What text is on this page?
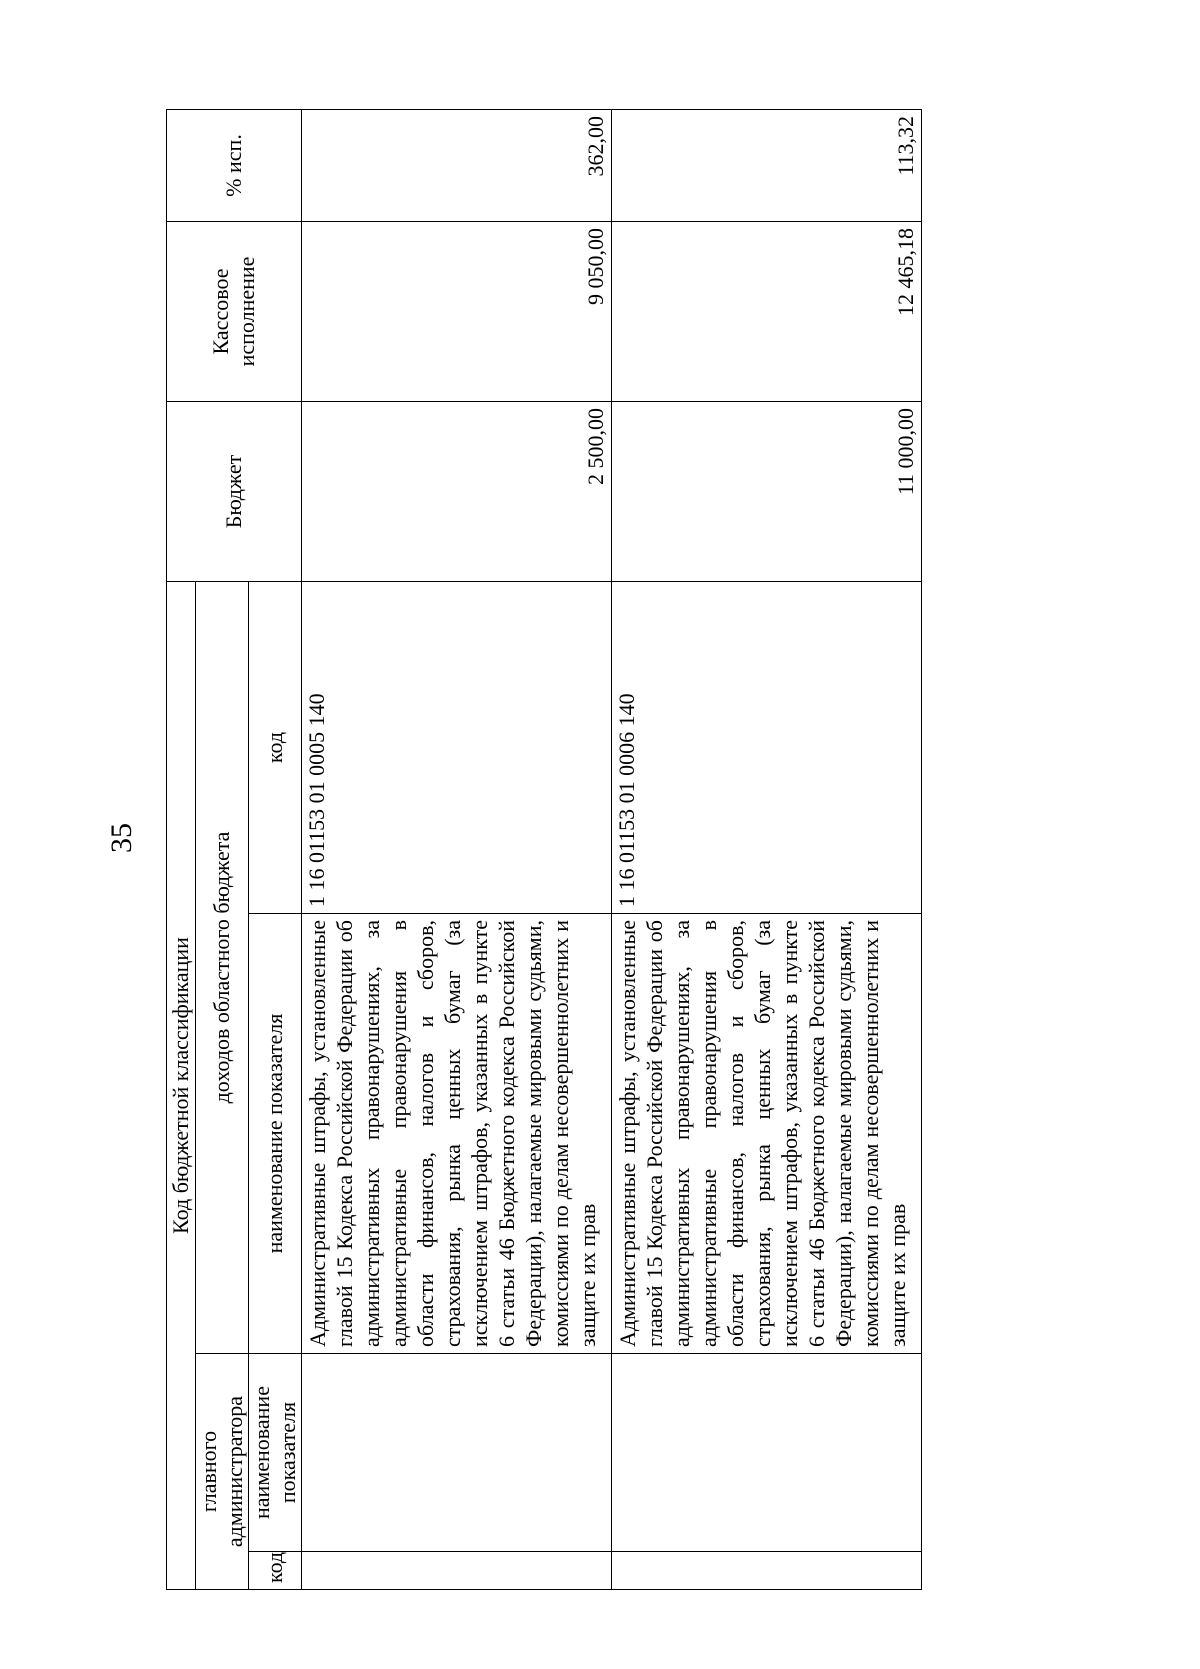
35
Код бюджетной классификации				Бюджет	Кассовое исполнение	% исп.
главного администратора		доходов областного бюджета				
код	наименование показателя	наименование показателя	код			
		Административные штрафы, установленные главой 15 Кодекса Российской Федерации об административных правонарушениях, за административные правонарушения в области финансов, налогов и сборов, страхования, рынка ценных бумаг (за исключением штрафов, указанных в пункте 6 статьи 46 Бюджетного кодекса Российской Федерации), налагаемые мировыми судьями, комиссиями по делам несовершеннолетних и защите их прав	1 16 01153 01 0005 140	2 500,00	9 050,00	362,00
		Административные штрафы, установленные главой 15 Кодекса Российской Федерации об административных правонарушениях, за административные правонарушения в области финансов, налогов и сборов, страхования, рынка ценных бумаг (за исключением штрафов, указанных в пункте 6 статьи 46 Бюджетного кодекса Российской Федерации), налагаемые мировыми судьями, комиссиями по делам несовершеннолетних и защите их прав	1 16 01153 01 0006 140	11 000,00	12 465,18	113,32
